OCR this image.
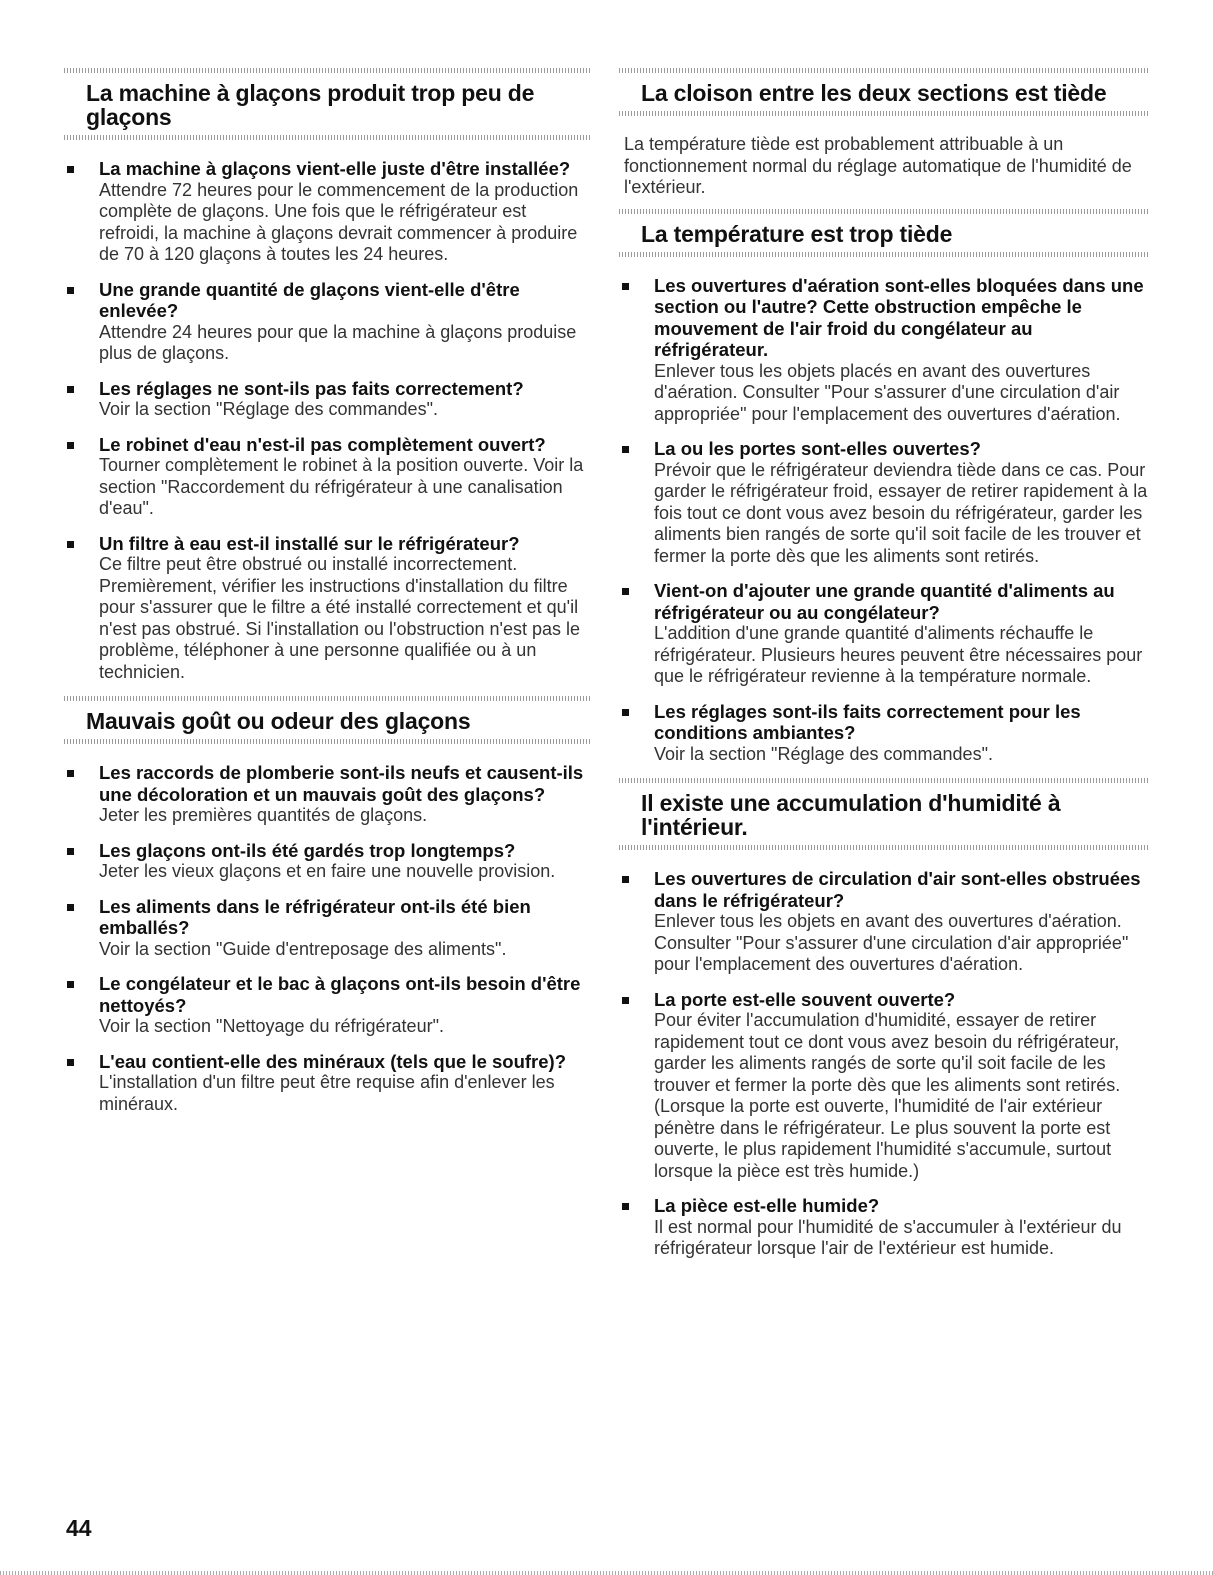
La machine à glaçons produit trop peu de glaçons
La machine à glaçons vient-elle juste d'être installée?
Attendre 72 heures pour le commencement de la production complète de glaçons. Une fois que le réfrigérateur est refroidi, la machine à glaçons devrait commencer à produire de 70 à 120 glaçons à toutes les 24 heures.
Une grande quantité de glaçons vient-elle d'être enlevée?
Attendre 24 heures pour que la machine à glaçons produise plus de glaçons.
Les réglages ne sont-ils pas faits correctement?
Voir la section "Réglage des commandes".
Le robinet d'eau n'est-il pas complètement ouvert?
Tourner complètement le robinet à la position ouverte. Voir la section "Raccordement du réfrigérateur à une canalisation d'eau".
Un filtre à eau est-il installé sur le réfrigérateur?
Ce filtre peut être obstrué ou installé incorrectement. Premièrement, vérifier les instructions d'installation du filtre pour s'assurer que le filtre a été installé correctement et qu'il n'est pas obstrué. Si l'installation ou l'obstruction n'est pas le problème, téléphoner à une personne qualifiée ou à un technicien.
Mauvais goût ou odeur des glaçons
Les raccords de plomberie sont-ils neufs et causent-ils une décoloration et un mauvais goût des glaçons?
Jeter les premières quantités de glaçons.
Les glaçons ont-ils été gardés trop longtemps?
Jeter les vieux glaçons et en faire une nouvelle provision.
Les aliments dans le réfrigérateur ont-ils été bien emballés?
Voir la section "Guide d'entreposage des aliments".
Le congélateur et le bac à glaçons ont-ils besoin d'être nettoyés?
Voir la section "Nettoyage du réfrigérateur".
L'eau contient-elle des minéraux (tels que le soufre)?
L'installation d'un filtre peut être requise afin d'enlever les minéraux.
La cloison entre les deux sections est tiède

La température tiède est probablement attribuable à un fonctionnement normal du réglage automatique de l'humidité de l'extérieur.

La température est trop tiède
Les ouvertures d'aération sont-elles bloquées dans une section ou l'autre? Cette obstruction empêche le mouvement de l'air froid du congélateur au réfrigérateur.
Enlever tous les objets placés en avant des ouvertures d'aération. Consulter "Pour s'assurer d'une circulation d'air appropriée" pour l'emplacement des ouvertures d'aération.
La ou les portes sont-elles ouvertes?
Prévoir que le réfrigérateur deviendra tiède dans ce cas. Pour garder le réfrigérateur froid, essayer de retirer rapidement à la fois tout ce dont vous avez besoin du réfrigérateur, garder les aliments bien rangés de sorte qu'il soit facile de les trouver et fermer la porte dès que les aliments sont retirés.
Vient-on d'ajouter une grande quantité d'aliments au réfrigérateur ou au congélateur?
L'addition d'une grande quantité d'aliments réchauffe le réfrigérateur. Plusieurs heures peuvent être nécessaires pour que le réfrigérateur revienne à la température normale.
Les réglages sont-ils faits correctement pour les conditions ambiantes?
Voir la section "Réglage des commandes".
Il existe une accumulation d'humidité à l'intérieur.
Les ouvertures de circulation d'air sont-elles obstruées dans le réfrigérateur?
Enlever tous les objets en avant des ouvertures d'aération. Consulter "Pour s'assurer d'une circulation d'air appropriée" pour l'emplacement des ouvertures d'aération.
La porte est-elle souvent ouverte?
Pour éviter l'accumulation d'humidité, essayer de retirer rapidement tout ce dont vous avez besoin du réfrigérateur, garder les aliments rangés de sorte qu'il soit facile de les trouver et fermer la porte dès que les aliments sont retirés. (Lorsque la porte est ouverte, l'humidité de l'air extérieur pénètre dans le réfrigérateur. Le plus souvent la porte est ouverte, le plus rapidement l'humidité s'accumule, surtout lorsque la pièce est très humide.)
La pièce est-elle humide?
Il est normal pour l'humidité de s'accumuler à l'extérieur du réfrigérateur lorsque l'air de l'extérieur est humide.
44
